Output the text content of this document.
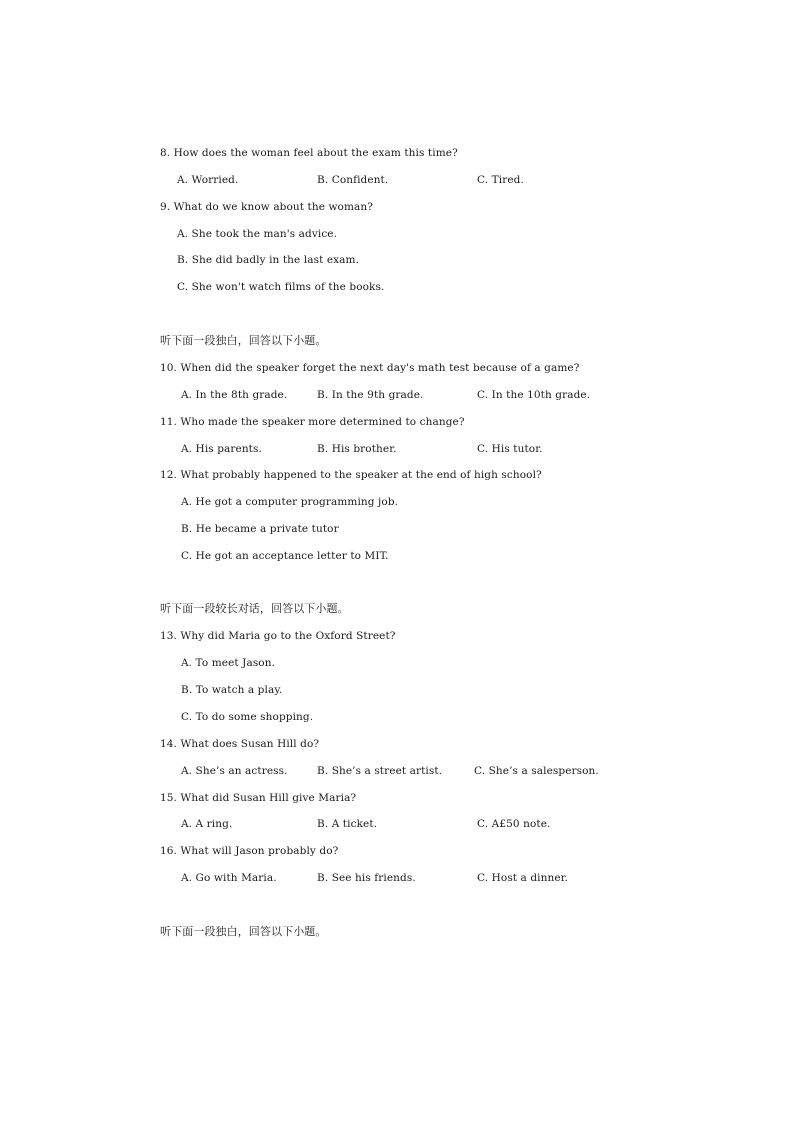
8. How does the woman feel about the exam this time?
A. Worried.	B. Confident.	C. Tired.
9. What do we know about the woman?
A. She took the man's advice.
B. She did badly in the last exam.
C. She won't watch films of the books.
听下面一段独白，回答以下小题。
10. When did the speaker forget the next day's math test because of a game?
A. In the 8th grade.	B. In the 9th grade.	C. In the 10th grade.
11. Who made the speaker more determined to change?
A. His parents.	B. His brother.	C. His tutor.
12. What probably happened to the speaker at the end of high school?
A. He got a computer programming job.
B. He became a private tutor
C. He got an acceptance letter to MIT.
听下面一段较长对话，回答以下小题。
13. Why did Maria go to the Oxford Street?
A. To meet Jason.
B. To watch a play.
C. To do some shopping.
14. What does Susan Hill do?
A. She’s an actress.	B. She’s a street artist.	C. She’s a salesperson.
15. What did Susan Hill give Maria?
A. A ring.	B. A ticket.	C. A£50 note.
16. What will Jason probably do?
A. Go with Maria.	B. See his friends.	C. Host a dinner.
听下面一段独白，回答以下小题。
